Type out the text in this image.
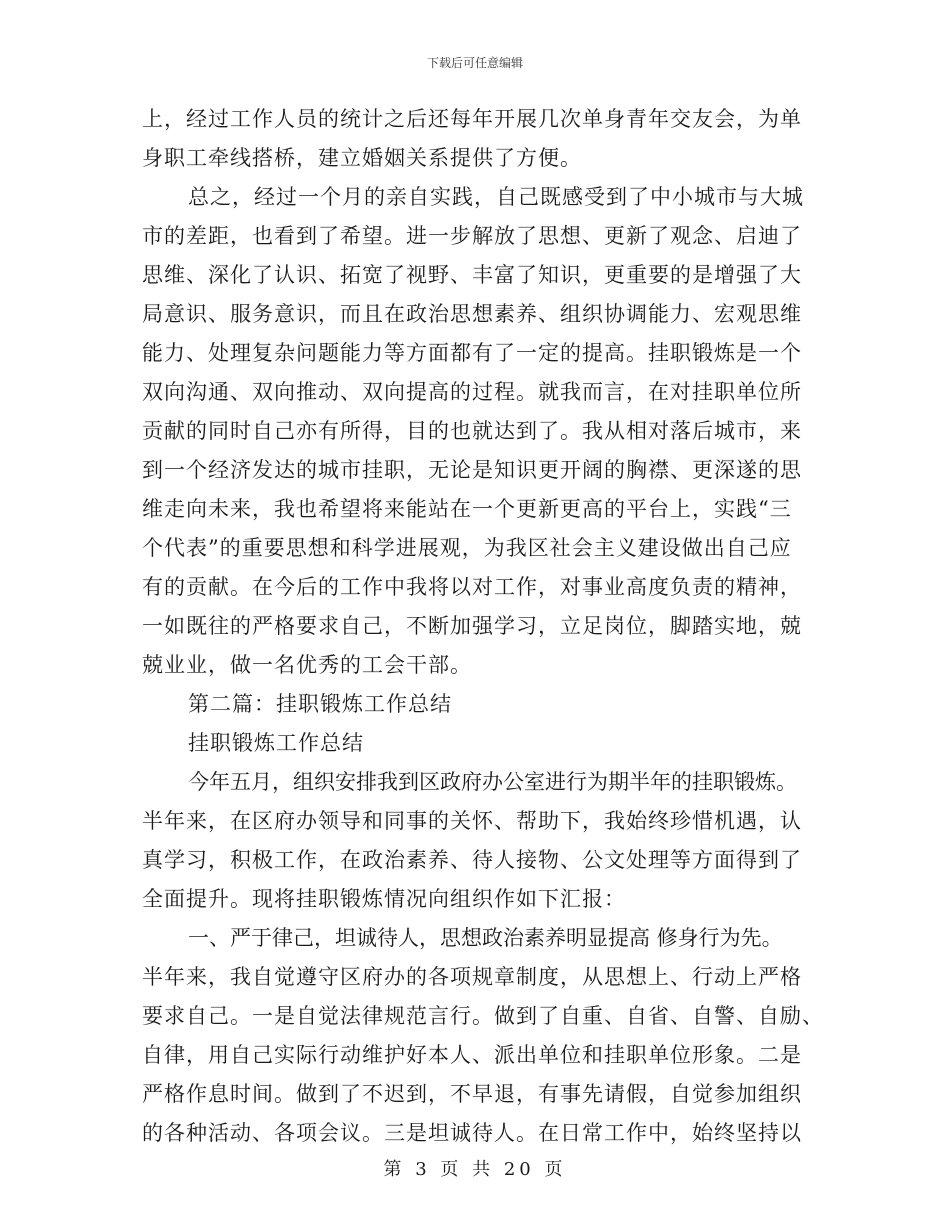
下载后可任意编辑
上，经过工作人员的统计之后还每年开展几次单身青年交友会，为单
身职工牵线搭桥，建立婚姻关系提供了方便。
总之，经过一个月的亲自实践，自己既感受到了中小城市与大城
市的差距，也看到了希望。进一步解放了思想、更新了观念、启迪了
思维、深化了认识、拓宽了视野、丰富了知识，更重要的是增强了大
局意识、服务意识，而且在政治思想素养、组织协调能力、宏观思维
能力、处理复杂问题能力等方面都有了一定的提高。挂职锻炼是一个
双向沟通、双向推动、双向提高的过程。就我而言，在对挂职单位所
贡献的同时自己亦有所得，目的也就达到了。我从相对落后城市，来
到一个经济发达的城市挂职，无论是知识更开阔的胸襟、更深遂的思
维走向未来，我也希望将来能站在一个更新更高的平台上，实践“三
个代表”的重要思想和科学进展观，为我区社会主义建设做出自己应
有的贡献。在今后的工作中我将以对工作，对事业高度负责的精神，
一如既往的严格要求自己，不断加强学习，立足岗位，脚踏实地，兢
兢业业，做一名优秀的工会干部。
第二篇：挂职锻炼工作总结
挂职锻炼工作总结
今年五月，组织安排我到区政府办公室进行为期半年的挂职锻炼。
半年来，在区府办领导和同事的关怀、帮助下，我始终珍惜机遇，认
真学习，积极工作，在政治素养、待人接物、公文处理等方面得到了
全面提升。现将挂职锻炼情况向组织作如下汇报：
一、严于律己，坦诚待人，思想政治素养明显提高 修身行为先。
半年来，我自觉遵守区府办的各项规章制度，从思想上、行动上严格
要求自己。一是自觉法律规范言行。做到了自重、自省、自警、自励、
自律，用自己实际行动维护好本人、派出单位和挂职单位形象。二是
严格作息时间。做到了不迟到，不早退，有事先请假，自觉参加组织
的各种活动、各项会议。三是坦诚待人。在日常工作中，始终坚持以
第 3 页 共 20 页
